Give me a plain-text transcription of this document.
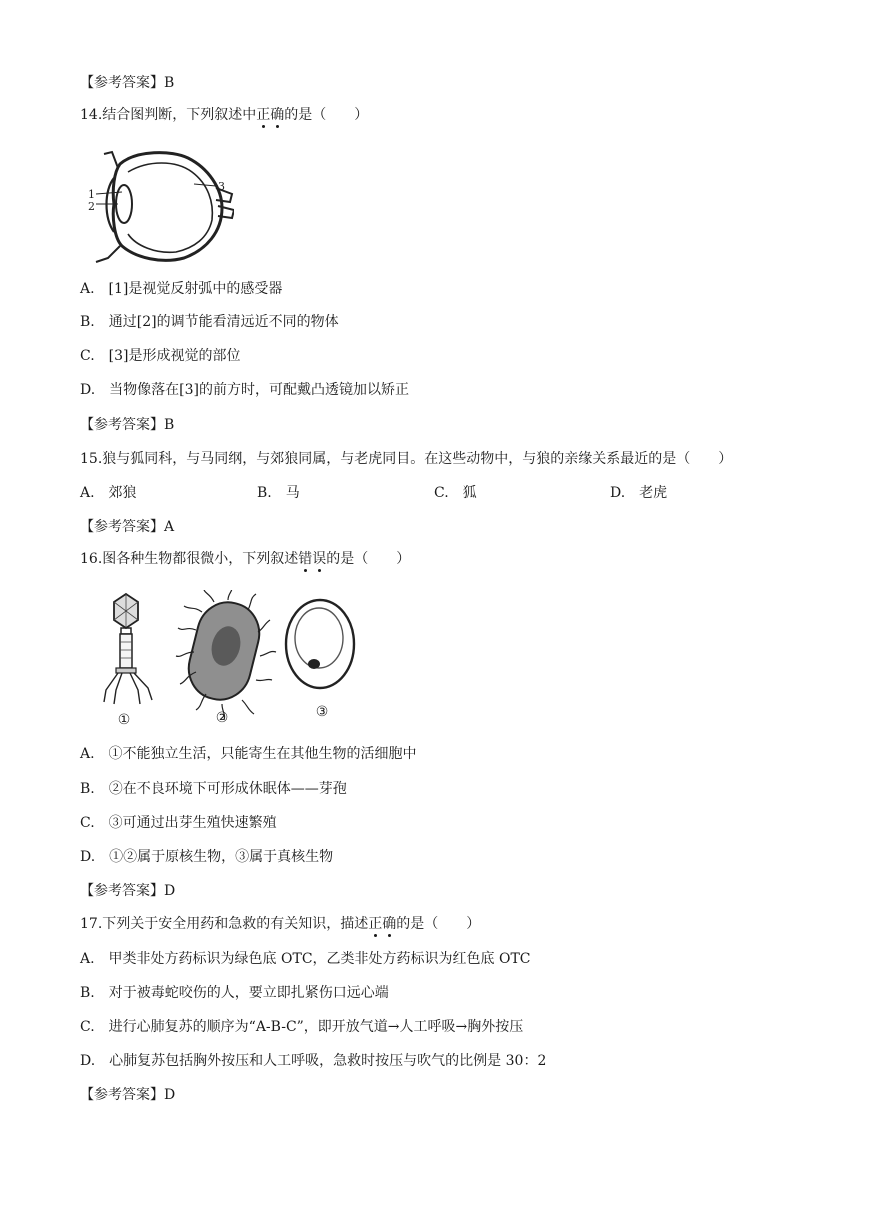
【参考答案】B
14.结合图判断，下列叙述中正确的是（　　）
1
2
3
A.　[1]是视觉反射弧中的感受器
B.　通过[2]的调节能看清远近不同的物体
C.　[3]是形成视觉的部位
D.　当物像落在[3]的前方时，可配戴凸透镜加以矫正
【参考答案】B
15.狼与狐同科，与马同纲，与郊狼同属，与老虎同目。在这些动物中，与狼的亲缘关系最近的是（　　）
A.　郊狼	B.　马	C.　狐	D.　老虎
【参考答案】A
16.图各种生物都很微小，下列叙述错误的是（　　）
①	②	③
A.　①不能独立生活，只能寄生在其他生物的活细胞中
B.　②在不良环境下可形成休眠体——芽孢
C.　③可通过出芽生殖快速繁殖
D.　①②属于原核生物，③属于真核生物
【参考答案】D
17.下列关于安全用药和急救的有关知识，描述正确的是（　　）
A.　甲类非处方药标识为绿色底 OTC，乙类非处方药标识为红色底 OTC
B.　对于被毒蛇咬伤的人，要立即扎紧伤口远心端
C.　进行心肺复苏的顺序为“A-B-C”，即开放气道→人工呼吸→胸外按压
D.　心肺复苏包括胸外按压和人工呼吸，急救时按压与吹气的比例是 30：2
【参考答案】D
